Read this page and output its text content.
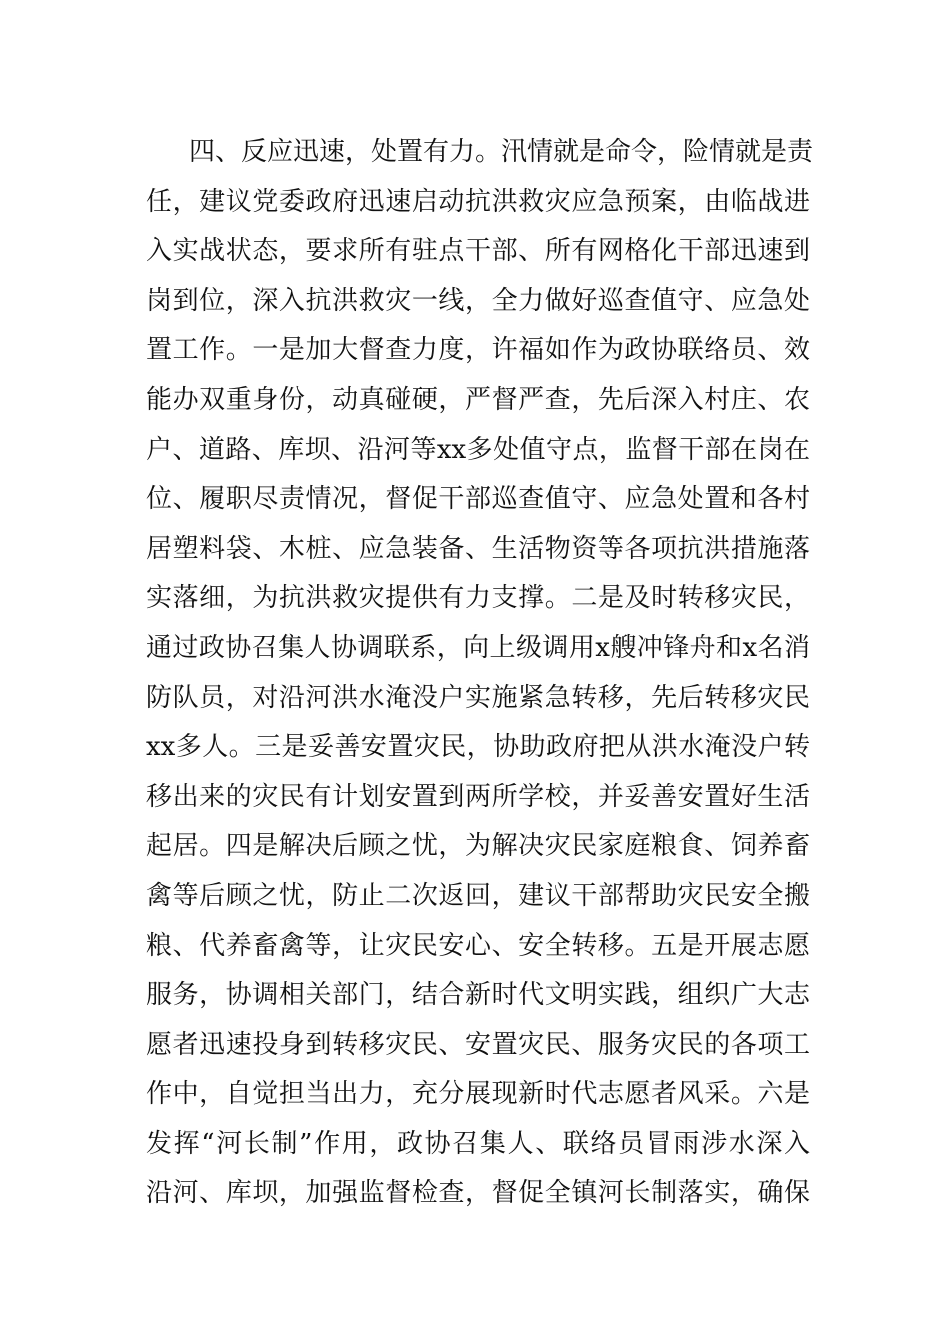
四、反应迅速，处置有力。汛情就是命令，险情就是责
任，建议党委政府迅速启动抗洪救灾应急预案，由临战进
入实战状态，要求所有驻点干部、所有网格化干部迅速到
岗到位，深入抗洪救灾一线，全力做好巡查值守、应急处
置工作。一是加大督查力度，许福如作为政协联络员、效
能办双重身份，动真碰硬，严督严查，先后深入村庄、农
户、道路、库坝、沿河等xx多处值守点，监督干部在岗在
位、履职尽责情况，督促干部巡查值守、应急处置和各村
居塑料袋、木桩、应急装备、生活物资等各项抗洪措施落
实落细，为抗洪救灾提供有力支撑。二是及时转移灾民，
通过政协召集人协调联系，向上级调用x艘冲锋舟和x名消
防队员，对沿河洪水淹没户实施紧急转移，先后转移灾民
xx多人。三是妥善安置灾民，协助政府把从洪水淹没户转
移出来的灾民有计划安置到两所学校，并妥善安置好生活
起居。四是解决后顾之忧，为解决灾民家庭粮食、饲养畜
禽等后顾之忧，防止二次返回，建议干部帮助灾民安全搬
粮、代养畜禽等，让灾民安心、安全转移。五是开展志愿
服务，协调相关部门，结合新时代文明实践，组织广大志
愿者迅速投身到转移灾民、安置灾民、服务灾民的各项工
作中，自觉担当出力，充分展现新时代志愿者风采。六是
发挥“河长制”作用，政协召集人、联络员冒雨涉水深入
沿河、库坝，加强监督检查，督促全镇河长制落实，确保
